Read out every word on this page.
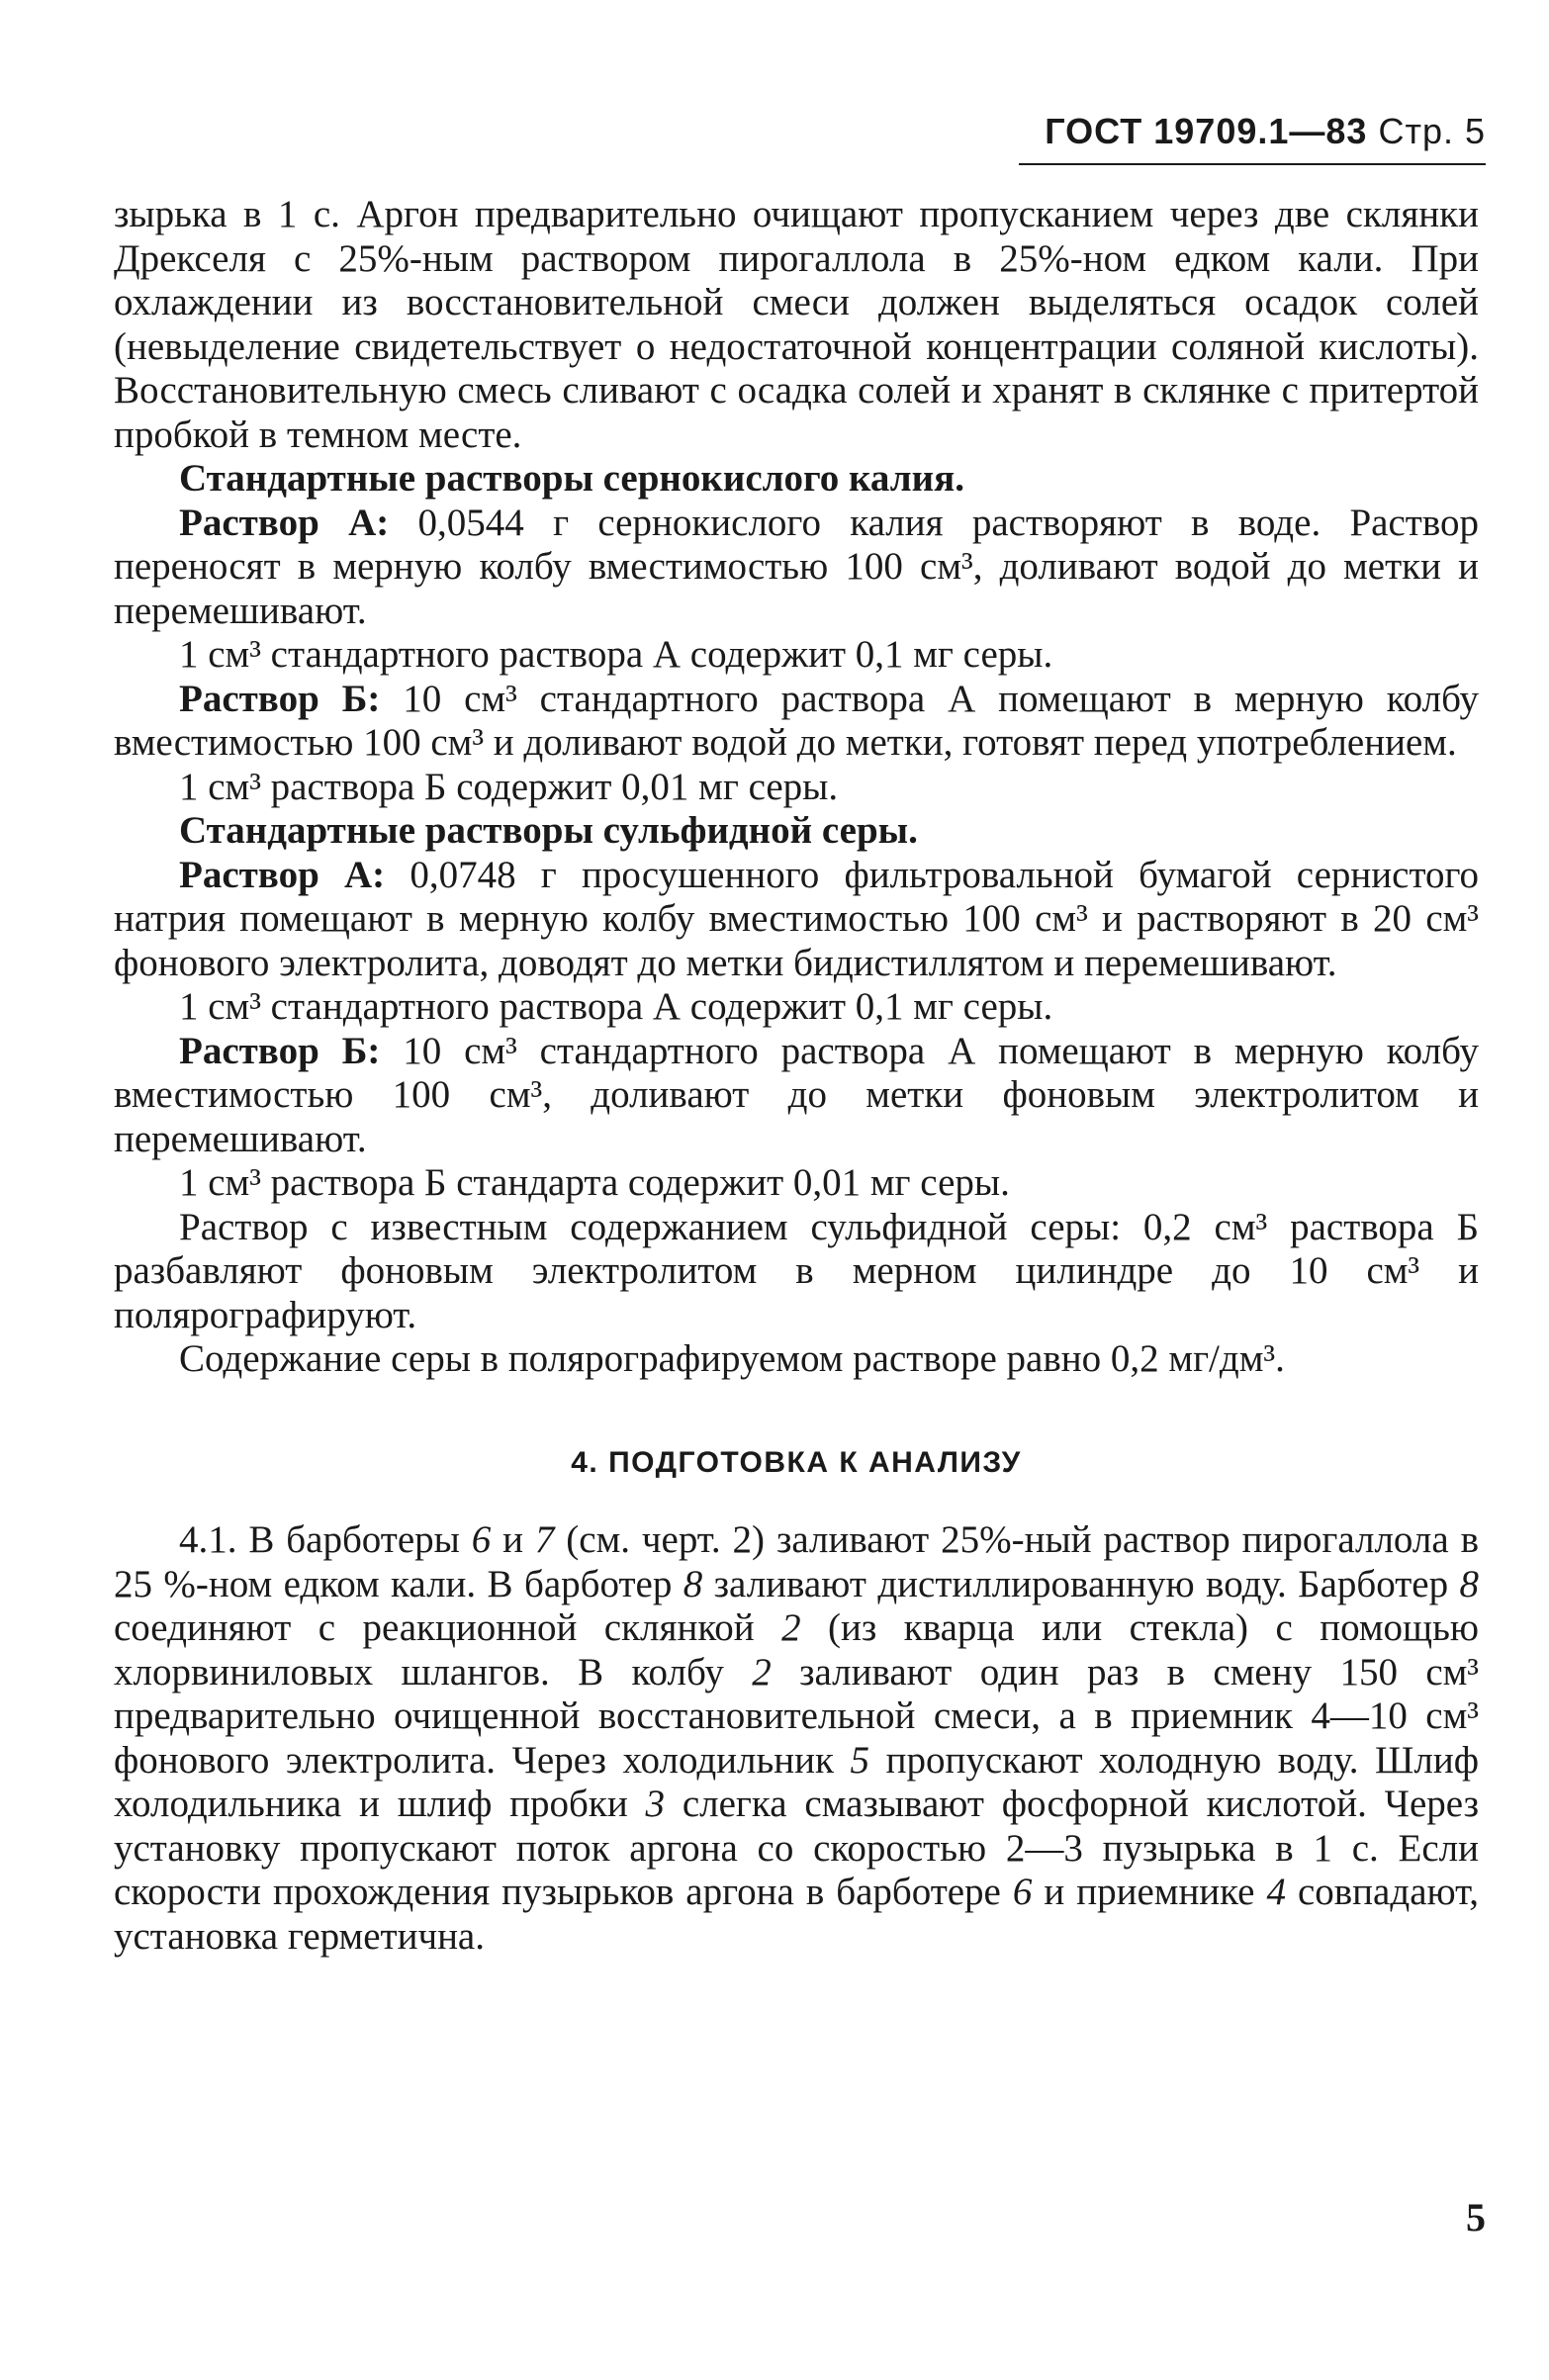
ГОСТ 19709.1—83 Стр. 5

зырька в 1 с. Аргон предварительно очищают пропусканием через две склянки Дрекселя с 25%-ным раствором пирогаллола в 25%-ном едком кали. При охлаждении из восстановительной смеси должен выделяться осадок солей (невыделение свидетельствует о недостаточной концентрации соляной кислоты). Восстановительную смесь сливают с осадка солей и хранят в склянке с притертой пробкой в темном месте.

Стандартные растворы сернокислого калия.

Раствор А: 0,0544 г сернокислого калия растворяют в воде. Раствор переносят в мерную колбу вместимостью 100 см³, доливают водой до метки и перемешивают.

1 см³ стандартного раствора А содержит 0,1 мг серы.

Раствор Б: 10 см³ стандартного раствора А помещают в мерную колбу вместимостью 100 см³ и доливают водой до метки, готовят перед употреблением.

1 см³ раствора Б содержит 0,01 мг серы.

Стандартные растворы сульфидной серы.

Раствор А: 0,0748 г просушенного фильтровальной бумагой сернистого натрия помещают в мерную колбу вместимостью 100 см³ и растворяют в 20 см³ фонового электролита, доводят до метки бидистиллятом и перемешивают.

1 см³ стандартного раствора А содержит 0,1 мг серы.

Раствор Б: 10 см³ стандартного раствора А помещают в мерную колбу вместимостью 100 см³, доливают до метки фоновым электролитом и перемешивают.

1 см³ раствора Б стандарта содержит 0,01 мг серы.

Раствор с известным содержанием сульфидной серы: 0,2 см³ раствора Б разбавляют фоновым электролитом в мерном цилиндре до 10 см³ и полярографируют.

Содержание серы в полярографируемом растворе равно 0,2 мг/дм³.

4. ПОДГОТОВКА К АНАЛИЗУ

4.1. В барботеры 6 и 7 (см. черт. 2) заливают 25%-ный раствор пирогаллола в 25 %-ном едком кали. В барботер 8 заливают дистиллированную воду. Барботер 8 соединяют с реакционной склянкой 2 (из кварца или стекла) с помощью хлорвиниловых шлангов. В колбу 2 заливают один раз в смену 150 см³ предварительно очищенной восстановительной смеси, а в приемник 4—10 см³ фонового электролита. Через холодильник 5 пропускают холодную воду. Шлиф холодильника и шлиф пробки 3 слегка смазывают фосфорной кислотой. Через установку пропускают поток аргона со скоростью 2—3 пузырька в 1 с. Если скорости прохождения пузырьков аргона в барботере 6 и приемнике 4 совпадают, установка герметична.

5
